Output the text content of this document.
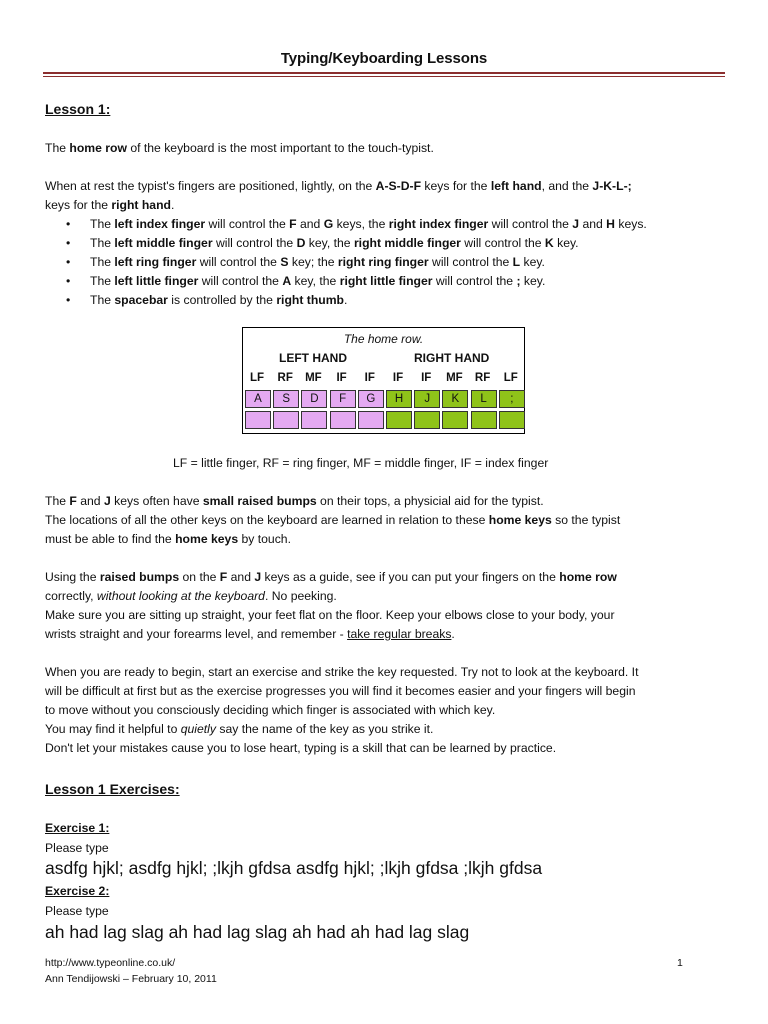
Typing/Keyboarding Lessons
Lesson 1:
The home row of the keyboard is the most important to the touch-typist.
When at rest the typist's fingers are positioned, lightly, on the A-S-D-F keys for the left hand, and the J-K-L-;
keys for the right hand.
• The left index finger will control the F and G keys, the right index finger will control the J and H keys.
• The left middle finger will control the D key, the right middle finger will control the K key.
• The left ring finger will control the S key; the right ring finger will control the L key.
• The left little finger will control the A key, the right little finger will control the ; key.
• The spacebar is controlled by the right thumb.
The home row.
LEFT HAND	RIGHT HAND
LF	RF	MF	IF	IF	IF	IF	MF	RF	LF
A	S	D	F	G	H	J	K	L	;
LF = little finger, RF = ring finger, MF = middle finger, IF = index finger
The F and J keys often have small raised bumps on their tops, a physicial aid for the typist.
The locations of all the other keys on the keyboard are learned in relation to these home keys so the typist
must be able to find the home keys by touch.
Using the raised bumps on the F and J keys as a guide, see if you can put your fingers on the home row
correctly, without looking at the keyboard. No peeking.
Make sure you are sitting up straight, your feet flat on the floor. Keep your elbows close to your body, your
wrists straight and your forearms level, and remember - take regular breaks.
When you are ready to begin, start an exercise and strike the key requested. Try not to look at the keyboard. It
will be difficult at first but as the exercise progresses you will find it becomes easier and your fingers will begin
to move without you consciously deciding which finger is associated with which key.
You may find it helpful to quietly say the name of the key as you strike it.
Don't let your mistakes cause you to lose heart, typing is a skill that can be learned by practice.
Lesson 1 Exercises:
Exercise 1:
Please type
asdfg hjkl; asdfg hjkl; ;lkjh gfdsa asdfg hjkl; ;lkjh gfdsa ;lkjh gfdsa
Exercise 2:
Please type
ah had lag slag ah had lag slag ah had ah had lag slag
http://www.typeonline.co.uk/
Ann Tendijowski – February 10, 2011
1
